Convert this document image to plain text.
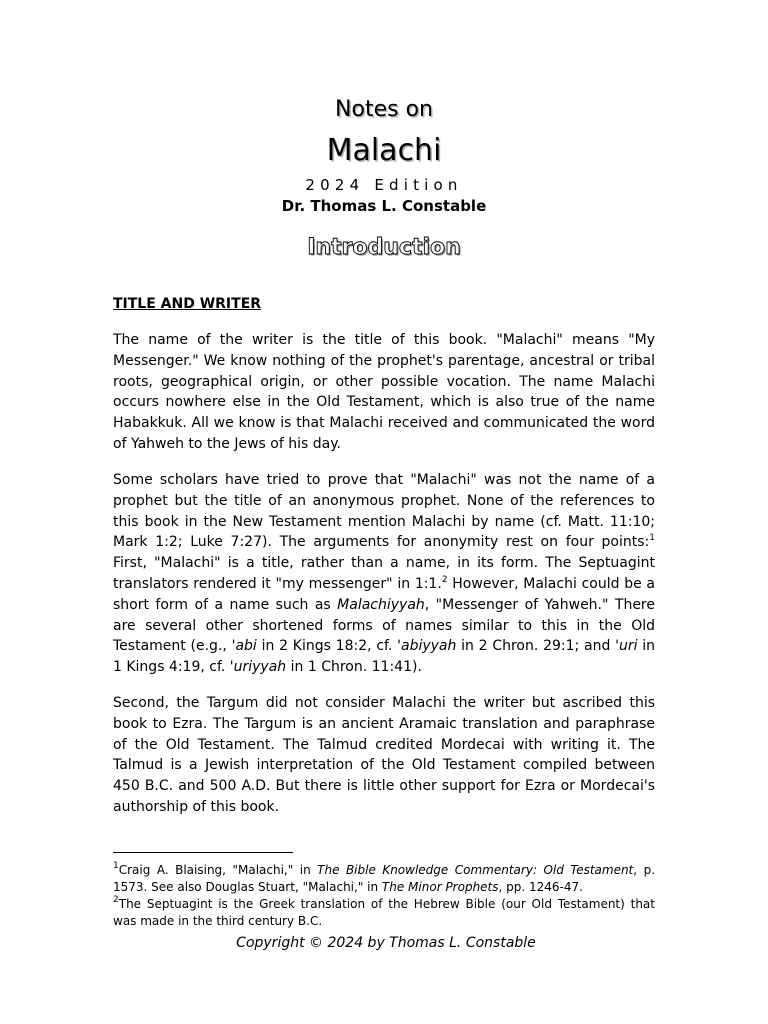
Notes on
Malachi
2024 Edition
Dr. Thomas L. Constable
Introduction
TITLE AND WRITER

The name of the writer is the title of this book. "Malachi" means "My Messenger." We know nothing of the prophet's parentage, ancestral or tribal roots, geographical origin, or other possible vocation. The name Malachi occurs nowhere else in the Old Testament, which is also true of the name Habakkuk. All we know is that Malachi received and communicated the word of Yahweh to the Jews of his day.

Some scholars have tried to prove that "Malachi" was not the name of a prophet but the title of an anonymous prophet. None of the references to this book in the New Testament mention Malachi by name (cf. Matt. 11:10; Mark 1:2; Luke 7:27). The arguments for anonymity rest on four points:$^1$ First, "Malachi" is a title, rather than a name, in its form. The Septuagint translators rendered it "my messenger" in 1:1.$^2$ However, Malachi could be a short form of a name such as Malachiyyah, "Messenger of Yahweh." There are several other shortened forms of names similar to this in the Old Testament (e.g., 'abi in 2 Kings 18:2, cf. 'abiyyah in 2 Chron. 29:1; and 'uri in 1 Kings 4:19, cf. 'uriyyah in 1 Chron. 11:41).

Second, the Targum did not consider Malachi the writer but ascribed this book to Ezra. The Targum is an ancient Aramaic translation and paraphrase of the Old Testament. The Talmud credited Mordecai with writing it. The Talmud is a Jewish interpretation of the Old Testament compiled between 450 B.C. and 500 A.D. But there is little other support for Ezra or Mordecai's authorship of this book.

$^1$Craig A. Blaising, "Malachi," in The Bible Knowledge Commentary: Old Testament, p. 1573. See also Douglas Stuart, "Malachi," in The Minor Prophets, pp. 1246-47.

$^2$The Septuagint is the Greek translation of the Hebrew Bible (our Old Testament) that was made in the third century B.C.

Copyright © 2024 by Thomas L. Constable
